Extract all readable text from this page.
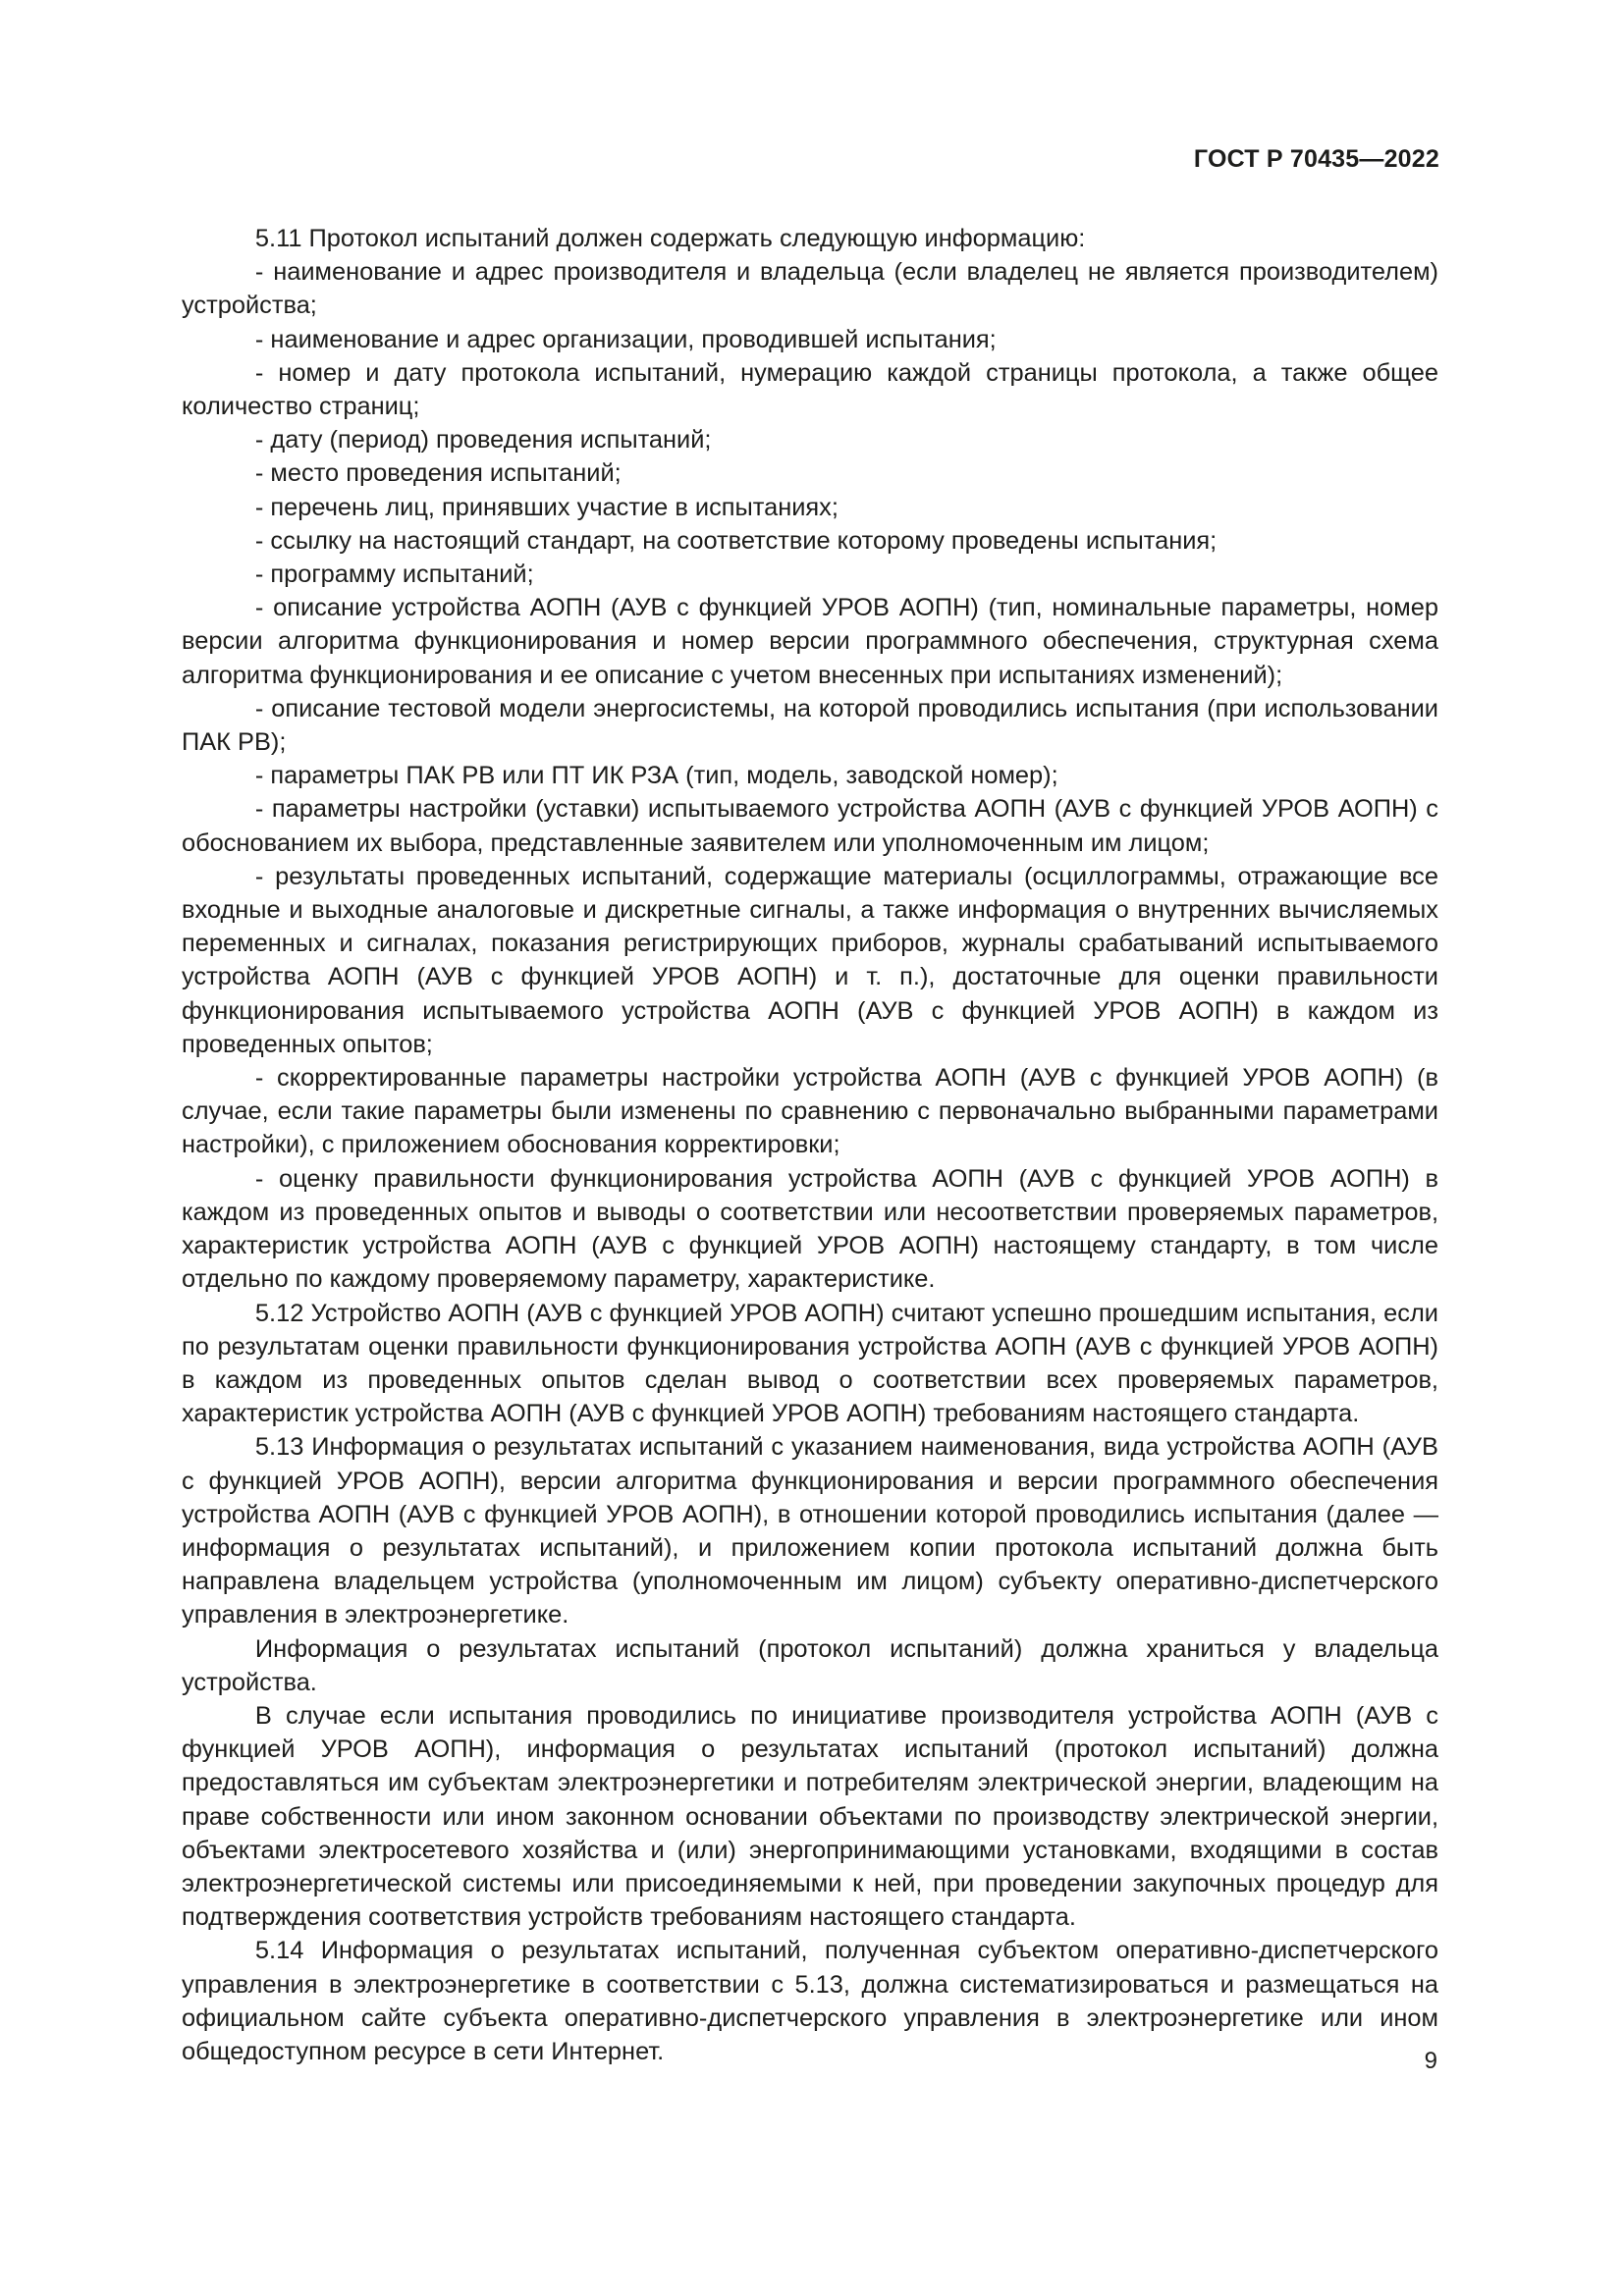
ГОСТ Р 70435—2022

5.11 Протокол испытаний должен содержать следующую информацию:

- наименование и адрес производителя и владельца (если владелец не является производителем) устройства;

- наименование и адрес организации, проводившей испытания;

- номер и дату протокола испытаний, нумерацию каждой страницы протокола, а также общее количество страниц;

- дату (период) проведения испытаний;

- место проведения испытаний;

- перечень лиц, принявших участие в испытаниях;

- ссылку на настоящий стандарт, на соответствие которому проведены испытания;

- программу испытаний;

- описание устройства АОПН (АУВ с функцией УРОВ АОПН) (тип, номинальные параметры, номер версии алгоритма функционирования и номер версии программного обеспечения, структурная схема алгоритма функционирования и ее описание с учетом внесенных при испытаниях изменений);

- описание тестовой модели энергосистемы, на которой проводились испытания (при использовании ПАК РВ);

- параметры ПАК РВ или ПТ ИК РЗА (тип, модель, заводской номер);

- параметры настройки (уставки) испытываемого устройства АОПН (АУВ с функцией УРОВ АОПН) с обоснованием их выбора, представленные заявителем или уполномоченным им лицом;

- результаты проведенных испытаний, содержащие материалы (осциллограммы, отражающие все входные и выходные аналоговые и дискретные сигналы, а также информация о внутренних вычисляемых переменных и сигналах, показания регистрирующих приборов, журналы срабатываний испытываемого устройства АОПН (АУВ с функцией УРОВ АОПН) и т. п.), достаточные для оценки правильности функционирования испытываемого устройства АОПН (АУВ с функцией УРОВ АОПН) в каждом из проведенных опытов;

- скорректированные параметры настройки устройства АОПН (АУВ с функцией УРОВ АОПН) (в случае, если такие параметры были изменены по сравнению с первоначально выбранными параметрами настройки), с приложением обоснования корректировки;

- оценку правильности функционирования устройства АОПН (АУВ с функцией УРОВ АОПН) в каждом из проведенных опытов и выводы о соответствии или несоответствии проверяемых параметров, характеристик устройства АОПН (АУВ с функцией УРОВ АОПН) настоящему стандарту, в том числе отдельно по каждому проверяемому параметру, характеристике.

5.12 Устройство АОПН (АУВ с функцией УРОВ АОПН) считают успешно прошедшим испытания, если по результатам оценки правильности функционирования устройства АОПН (АУВ с функцией УРОВ АОПН) в каждом из проведенных опытов сделан вывод о соответствии всех проверяемых параметров, характеристик устройства АОПН (АУВ с функцией УРОВ АОПН) требованиям настоящего стандарта.

5.13 Информация о результатах испытаний с указанием наименования, вида устройства АОПН (АУВ с функцией УРОВ АОПН), версии алгоритма функционирования и версии программного обеспечения устройства АОПН (АУВ с функцией УРОВ АОПН), в отношении которой проводились испытания (далее — информация о результатах испытаний), и приложением копии протокола испытаний должна быть направлена владельцем устройства (уполномоченным им лицом) субъекту оперативно-диспетчерского управления в электроэнергетике.

Информация о результатах испытаний (протокол испытаний) должна храниться у владельца устройства.

В случае если испытания проводились по инициативе производителя устройства АОПН (АУВ с функцией УРОВ АОПН), информация о результатах испытаний (протокол испытаний) должна предоставляться им субъектам электроэнергетики и потребителям электрической энергии, владеющим на праве собственности или ином законном основании объектами по производству электрической энергии, объектами электросетевого хозяйства и (или) энергопринимающими установками, входящими в состав электроэнергетической системы или присоединяемыми к ней, при проведении закупочных процедур для подтверждения соответствия устройств требованиям настоящего стандарта.

5.14 Информация о результатах испытаний, полученная субъектом оперативно-диспетчерского управления в электроэнергетике в соответствии с 5.13, должна систематизироваться и размещаться на официальном сайте субъекта оперативно-диспетчерского управления в электроэнергетике или ином общедоступном ресурсе в сети Интернет.	9
